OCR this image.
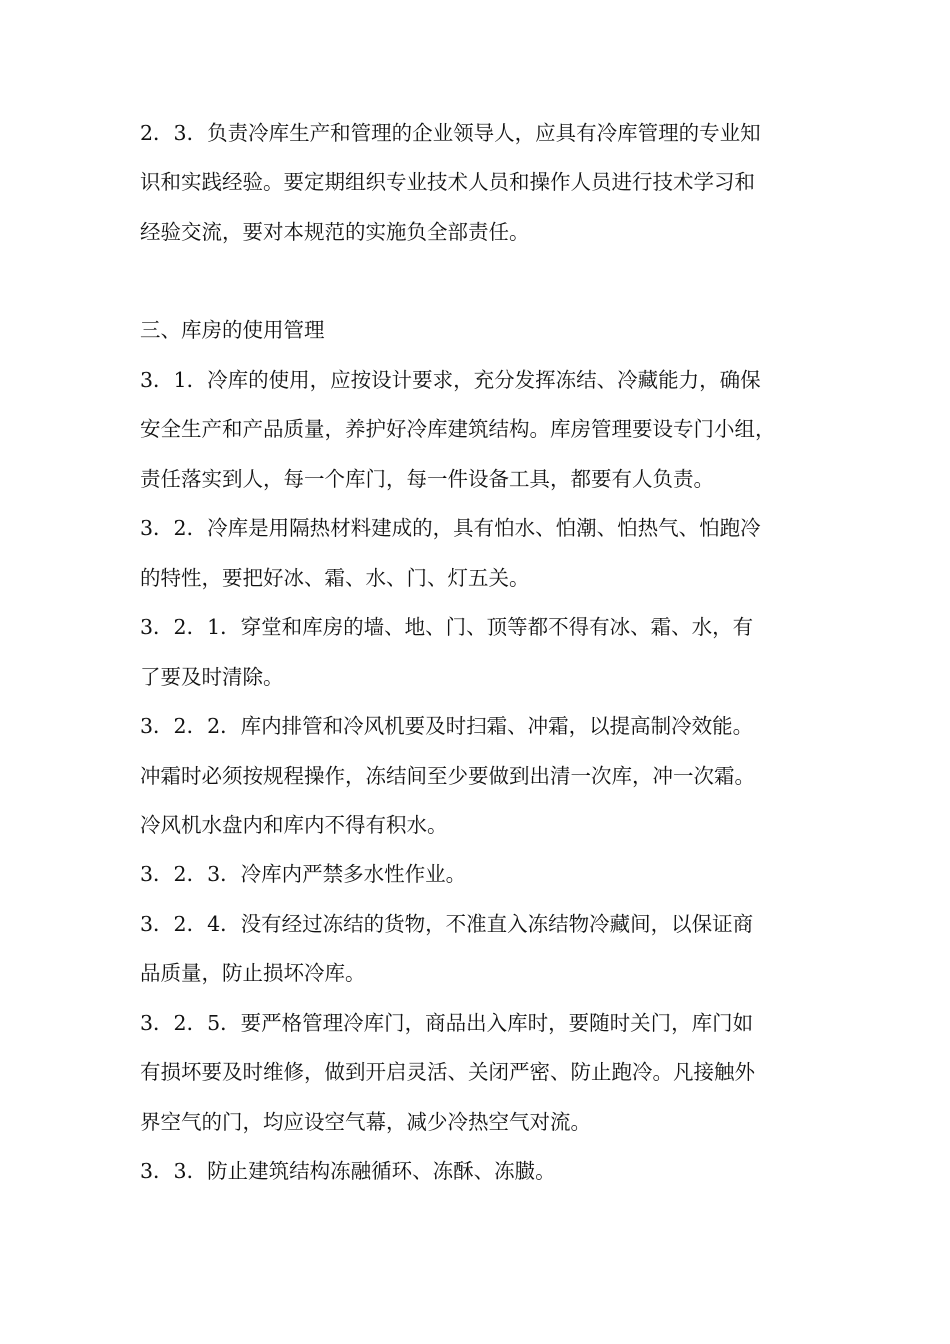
2．3．负责冷库生产和管理的企业领导人，应具有冷库管理的专业知

识和实践经验。要定期组织专业技术人员和操作人员进行技术学习和

经验交流，要对本规范的实施负全部责任。

三、库房的使用管理

3．1．冷库的使用，应按设计要求，充分发挥冻结、冷藏能力，确保

安全生产和产品质量，养护好冷库建筑结构。库房管理要设专门小组，

责任落实到人，每一个库门，每一件设备工具，都要有人负责。

3．2．冷库是用隔热材料建成的，具有怕水、怕潮、怕热气、怕跑冷

的特性，要把好冰、霜、水、门、灯五关。

3．2．1．穿堂和库房的墙、地、门、顶等都不得有冰、霜、水，有

了要及时清除。

3．2．2．库内排管和冷风机要及时扫霜、冲霜，以提高制冷效能。

冲霜时必须按规程操作，冻结间至少要做到出清一次库，冲一次霜。

冷风机水盘内和库内不得有积水。

3．2．3．冷库内严禁多水性作业。

3．2．4．没有经过冻结的货物，不准直入冻结物冷藏间，以保证商

品质量，防止损坏冷库。

3．2．5．要严格管理冷库门，商品出入库时，要随时关门，库门如

有损坏要及时维修，做到开启灵活、关闭严密、防止跑冷。凡接触外

界空气的门，均应设空气幕，减少冷热空气对流。

3．3．防止建筑结构冻融循环、冻酥、冻臌。
